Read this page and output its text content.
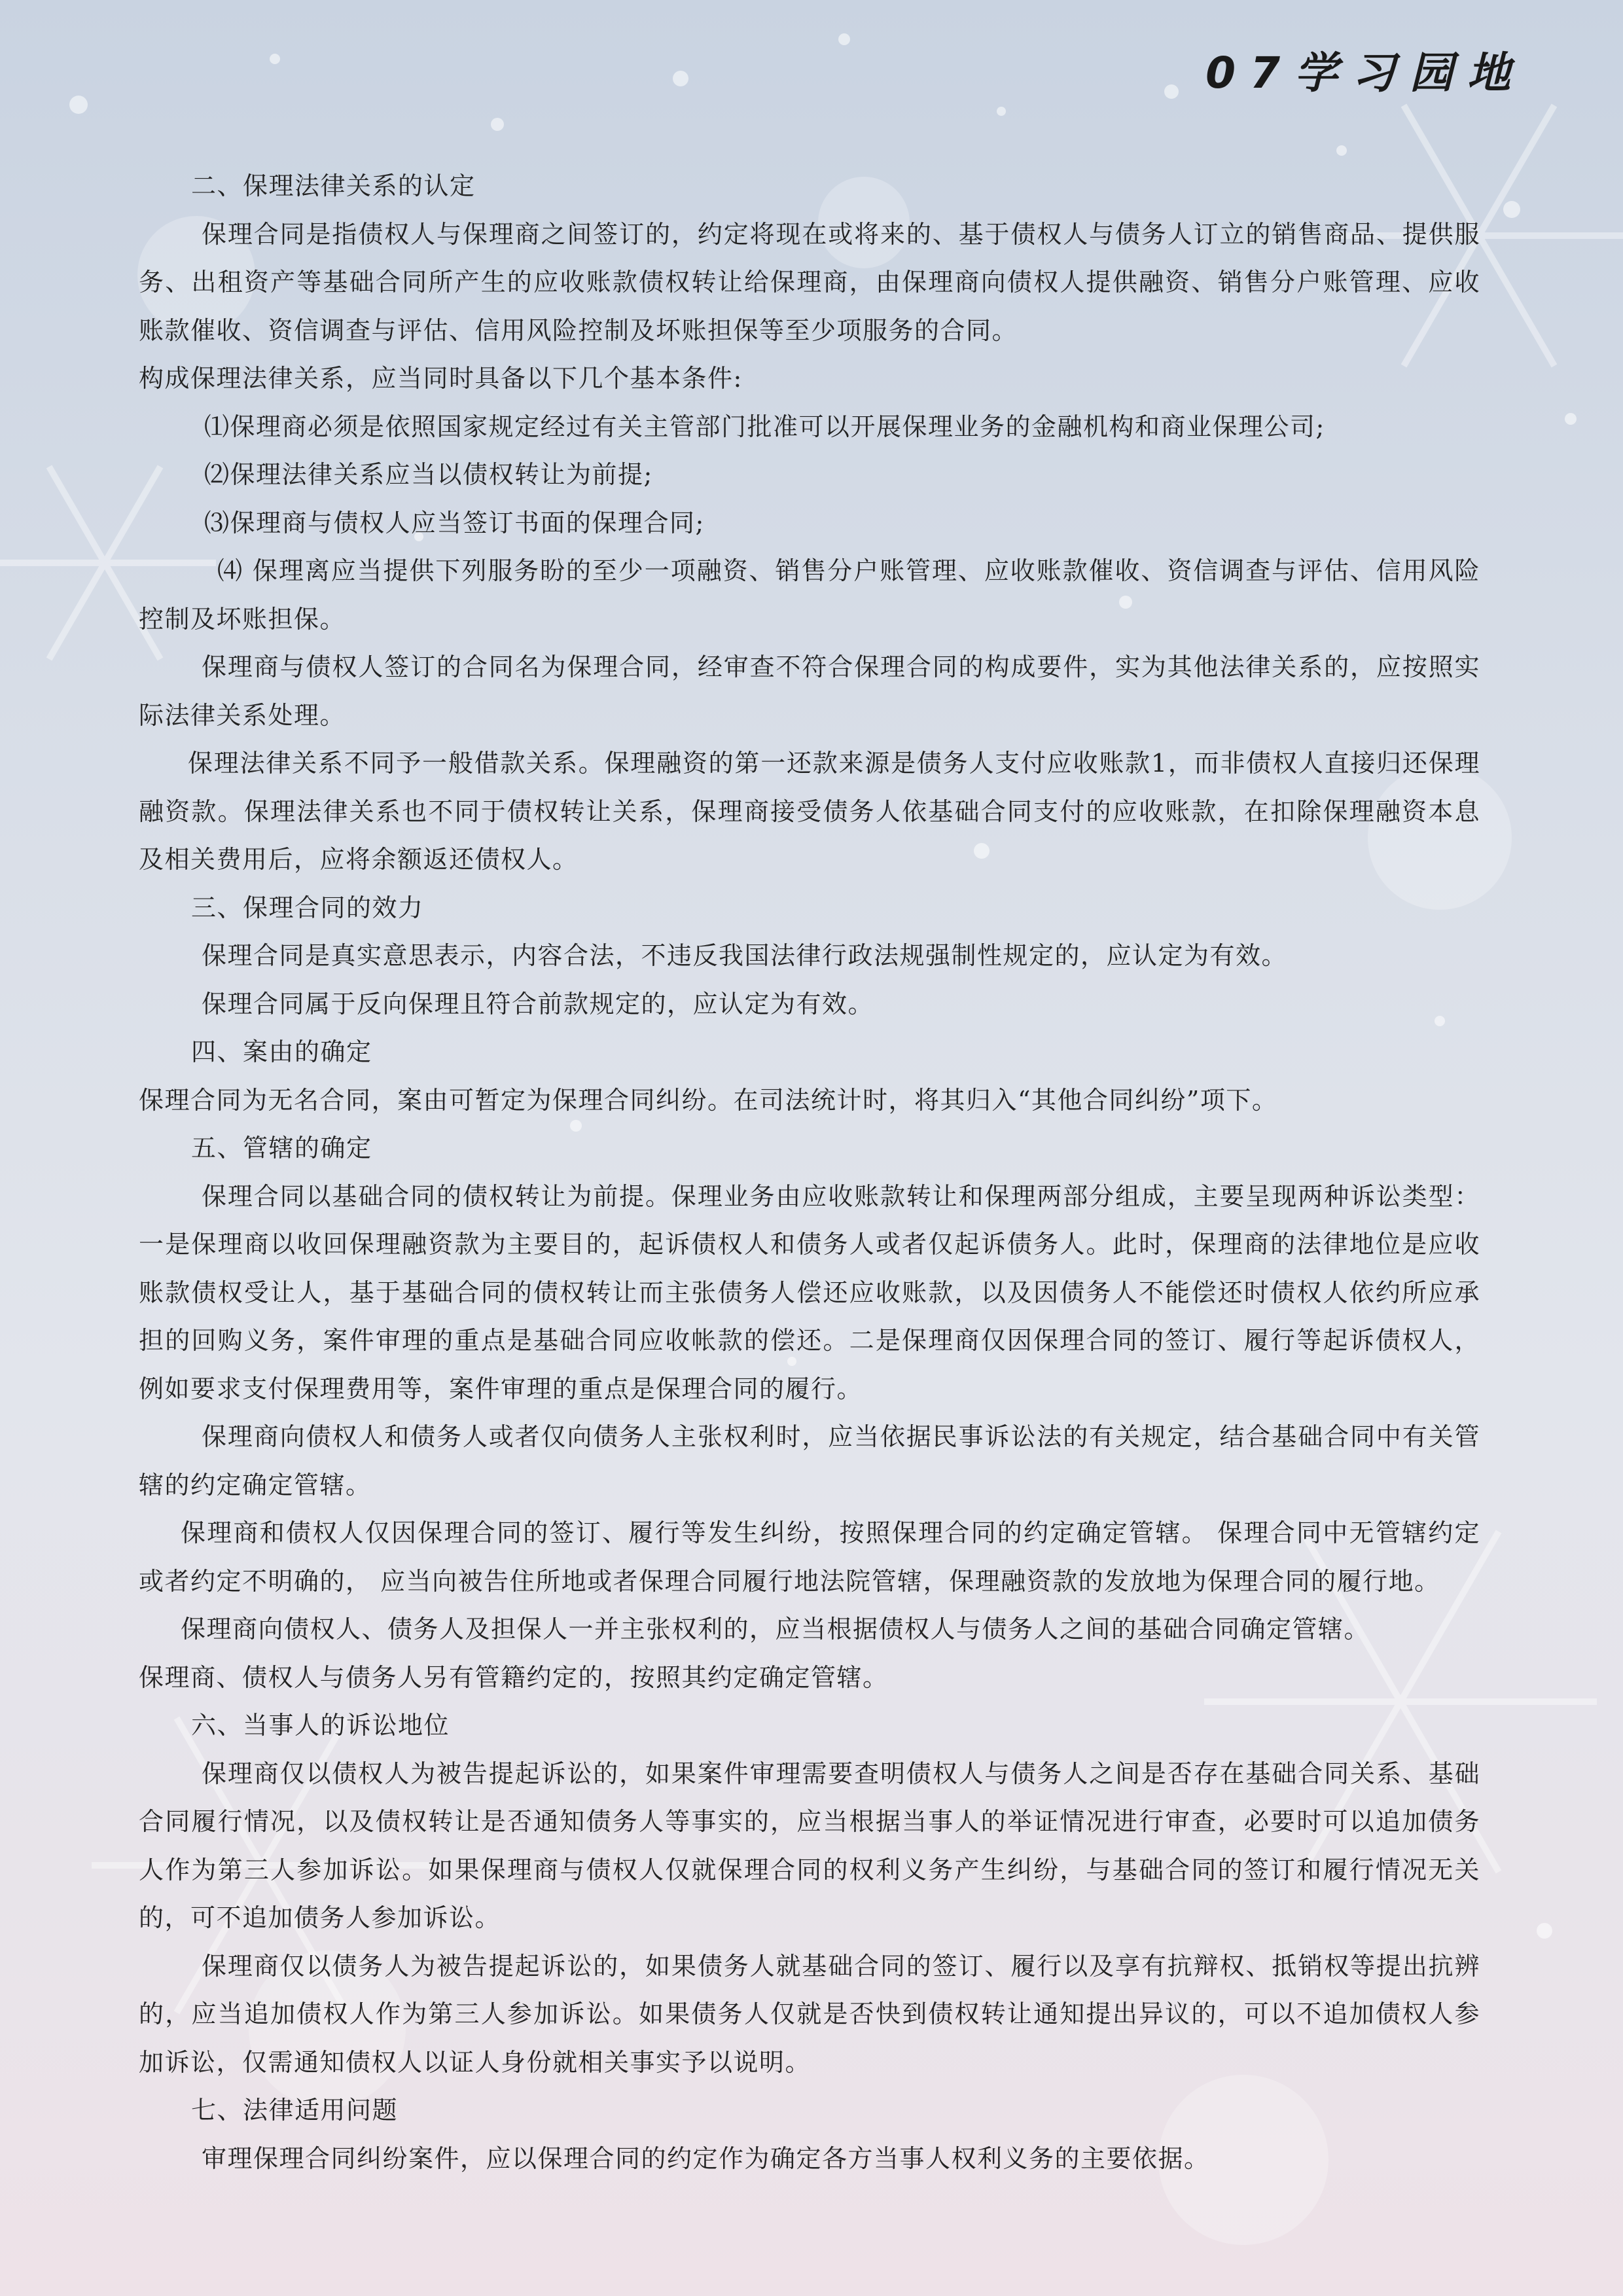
07学习园地

二、保理法律关系的认定

保理合同是指债权人与保理商之间签订的，约定将现在或将来的、基于债权人与债务人订立的销售商品、提供服务、出租资产等基础合同所产生的应收账款债权转让给保理商，由保理商向债权人提供融资、销售分户账管理、应收账款催收、资信调查与评估、信用风险控制及坏账担保等至少项服务的合同。

构成保理法律关系，应当同时具备以下几个基本条件:

⑴保理商必须是依照国家规定经过有关主管部门批准可以开展保理业务的金融机构和商业保理公司;

⑵保理法律关系应当以债权转让为前提;

⑶保理商与债权人应当签订书面的保理合同;

⑷ 保理离应当提供下列服务盼的至少一项融资、销售分户账管理、应收账款催收、资信调查与评估、信用风险控制及坏账担保。

保理商与债权人签订的合同名为保理合同，经审查不符合保理合同的构成要件，实为其他法律关系的，应按照实际法律关系处理。

保理法律关系不同予一般借款关系。保理融资的第一还款来源是债务人支付应收账款1，而非债权人直接归还保理融资款。保理法律关系也不同于债权转让关系，保理商接受债务人依基础合同支付的应收账款，在扣除保理融资本息及相关费用后，应将余额返还债权人。

三、保理合同的效力

保理合同是真实意思表示，内容合法，不违反我国法律行政法规强制性规定的，应认定为有效。

保理合同属于反向保理且符合前款规定的，应认定为有效。

四、案由的确定

保理合同为无名合同，案由可暂定为保理合同纠纷。在司法统计时，将其归入“其他合同纠纷”项下。

五、管辖的确定

保理合同以基础合同的债权转让为前提。保理业务由应收账款转让和保理两部分组成，主要呈现两种诉讼类型：一是保理商以收回保理融资款为主要目的，起诉债权人和债务人或者仅起诉债务人。此时，保理商的法律地位是应收账款债权受让人，基于基础合同的债权转让而主张债务人偿还应收账款，以及因债务人不能偿还时债权人依约所应承担的回购义务，案件审理的重点是基础合同应收帐款的偿还。二是保理商仅因保理合同的签订、履行等起诉债权人，例如要求支付保理费用等，案件审理的重点是保理合同的履行。

保理商向债权人和债务人或者仅向债务人主张权利时，应当依据民事诉讼法的有关规定，结合基础合同中有关管辖的约定确定管辖。

保理商和债权人仅因保理合同的签订、履行等发生纠纷，按照保理合同的约定确定管辖。 保理合同中无管辖约定或者约定不明确的， 应当向被告住所地或者保理合同履行地法院管辖，保理融资款的发放地为保理合同的履行地。

保理商向债权人、债务人及担保人一并主张权利的，应当根据债权人与债务人之间的基础合同确定管辖。

保理商、债权人与债务人另有管籍约定的，按照其约定确定管辖。

六、当事人的诉讼地位

保理商仅以债权人为被告提起诉讼的，如果案件审理需要查明债权人与债务人之间是否存在基础合同关系、基础合同履行情况，以及债权转让是否通知债务人等事实的，应当根据当事人的举证情况进行审查，必要时可以追加债务人作为第三人参加诉讼。如果保理商与债权人仅就保理合同的权利义务产生纠纷，与基础合同的签订和履行情况无关的，可不追加债务人参加诉讼。

保理商仅以债务人为被告提起诉讼的，如果债务人就基础合同的签订、履行以及享有抗辩权、抵销权等提出抗辨的，应当追加债权人作为第三人参加诉讼。如果债务人仅就是否快到债权转让通知提出异议的，可以不追加债权人参加诉讼，仅需通知债权人以证人身份就相关事实予以说明。

七、法律适用问题

审理保理合同纠纷案件，应以保理合同的约定作为确定各方当事人权利义务的主要依据。
